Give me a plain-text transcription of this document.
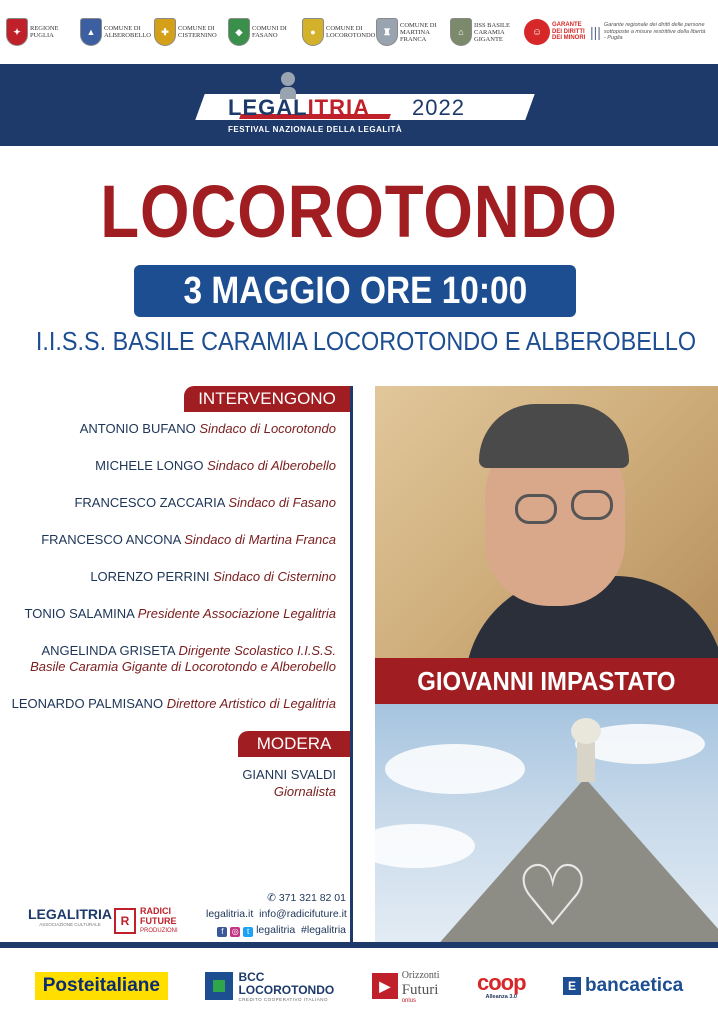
✦	REGIONE PUGLIA	▲	COMUNE DI ALBEROBELLO	✚	COMUNE DI CISTERNINO	◆	COMUNI DI FASANO	●	COMUNE DI LOCOROTONDO ♜
COMUNE DI MARTINA FRANCA
⌂
IISS BASILE CARAMIA GIGANTE
☺
GARANTE DEI DIRITTI DEI MINORI ||| Garante regionale dei diritti delle persone sottoposte a misure restrittive della libertà - Puglia
LEGALITRIA 2022
FESTIVAL NAZIONALE DELLA LEGALITÀ
LOCOROTONDO
3 MAGGIO ORE 10:00
I.I.S.S. BASILE CARAMIA LOCOROTONDO E ALBEROBELLO
INTERVENGONO
ANTONIO BUFANO Sindaco di Locorotondo
MICHELE LONGO Sindaco di Alberobello
FRANCESCO ZACCARIA Sindaco di Fasano
FRANCESCO ANCONA Sindaco di Martina Franca
LORENZO PERRINI Sindaco di Cisternino
TONIO SALAMINA Presidente Associazione Legalitria
ANGELINDA GRISETA Dirigente Scolastico I.I.S.S.
Basile Caramia Gigante di Locorotondo e Alberobello
LEONARDO PALMISANO Direttore Artistico di Legalitria
MODERA
GIANNI SVALDI
Giornalista
GIOVANNI IMPASTATO
♡
LEGALITRIA
ASSOCIAZIONE CULTURALE	R
RADICI
FUTURE
PRODUZIONI
✆ 371 321 82 01
legalitria.it info@radicifuture.it
f ◎ t legalitria #legalitria
Posteitaliane	BCC
LOCOROTONDO
CREDITO COOPERATIVO ITALIANO
▶
Orizzonti
Futuri
onlus
coop
Alleanza 3.0
Ε bancaetica
